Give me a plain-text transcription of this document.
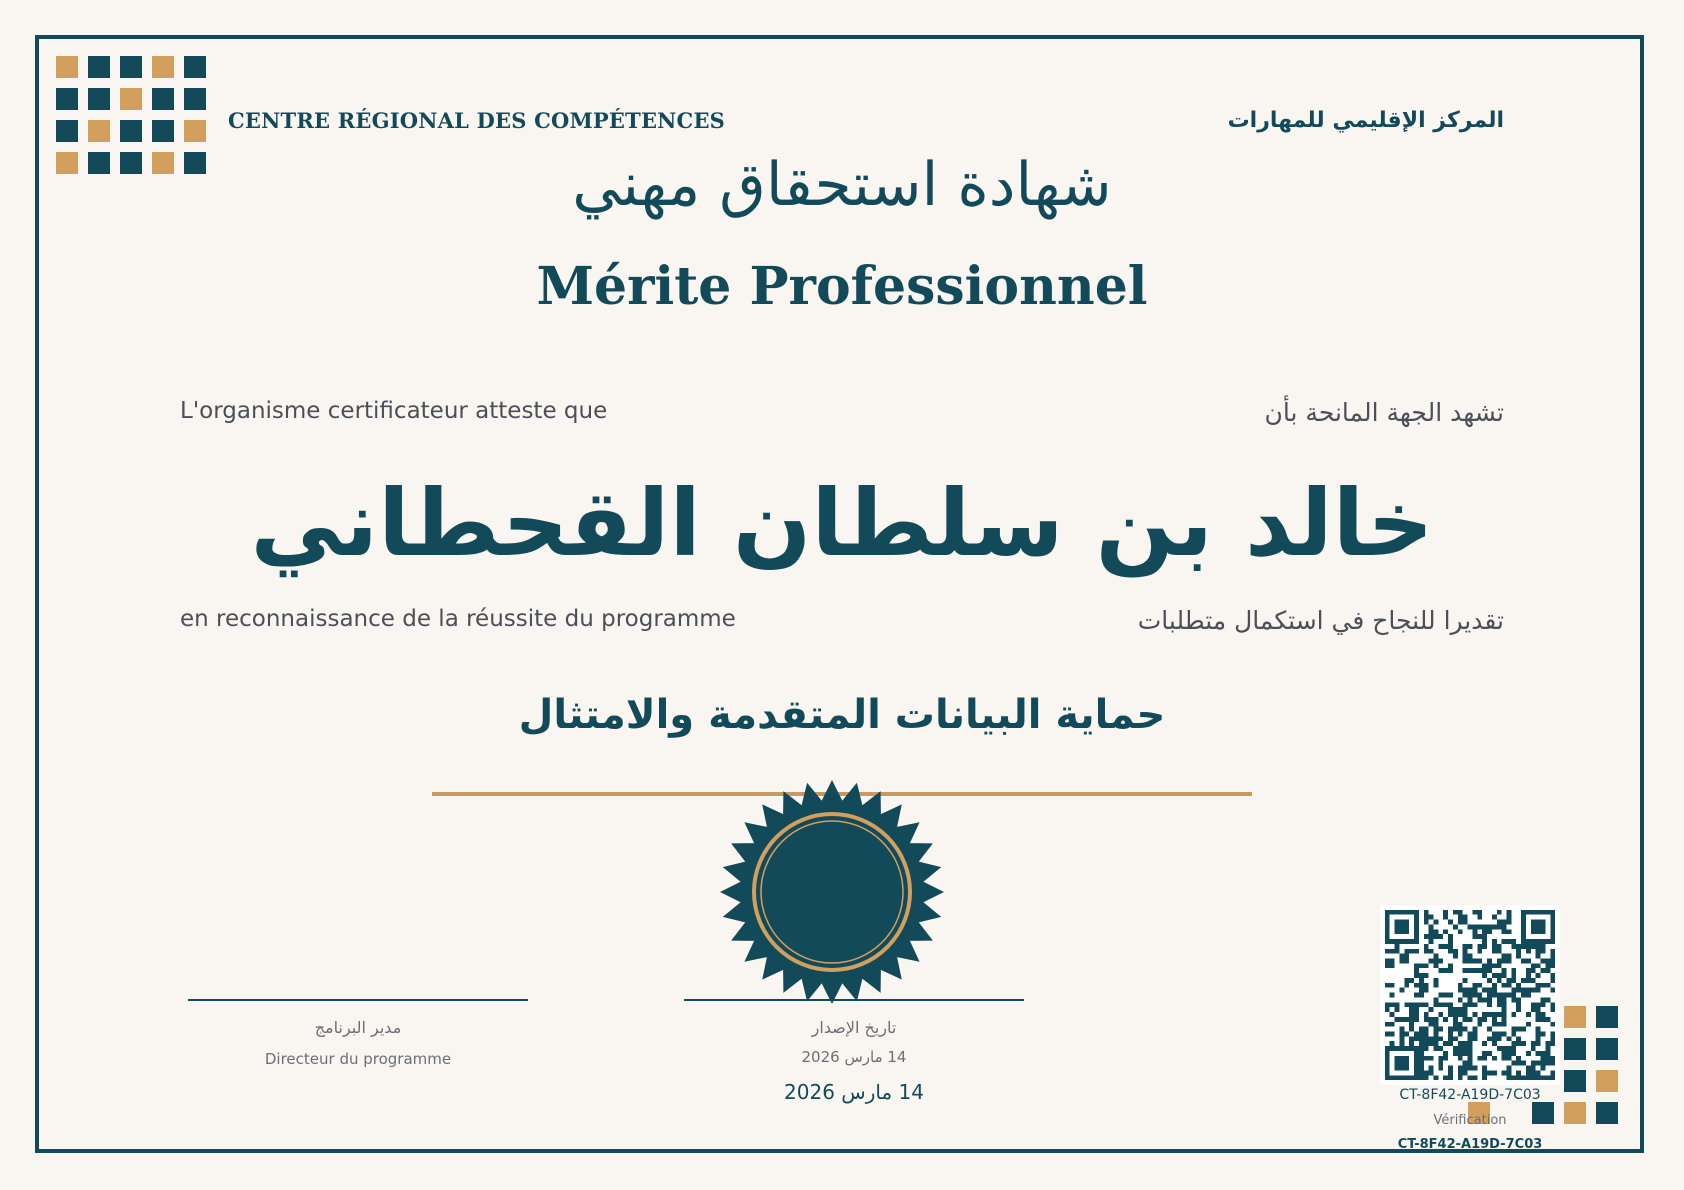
CENTRE RÉGIONAL DES COMPÉTENCES	المركز الإقليمي للمهارات
شهادة استحقاق مهني
Mérite Professionnel
L'organisme certificateur atteste que	تشهد الجهة المانحة بأن
خالد بن سلطان القحطاني
en reconnaissance de la réussite du programme	تقديرا للنجاح في استكمال متطلبات
حماية البيانات المتقدمة والامتثال
مدير البرنامج
Directeur du programme
تاريخ الإصدار
14 مارس 2026
14 مارس 2026	CT-8F42-A19D-7C03
Vérification
CT-8F42-A19D-7C03
